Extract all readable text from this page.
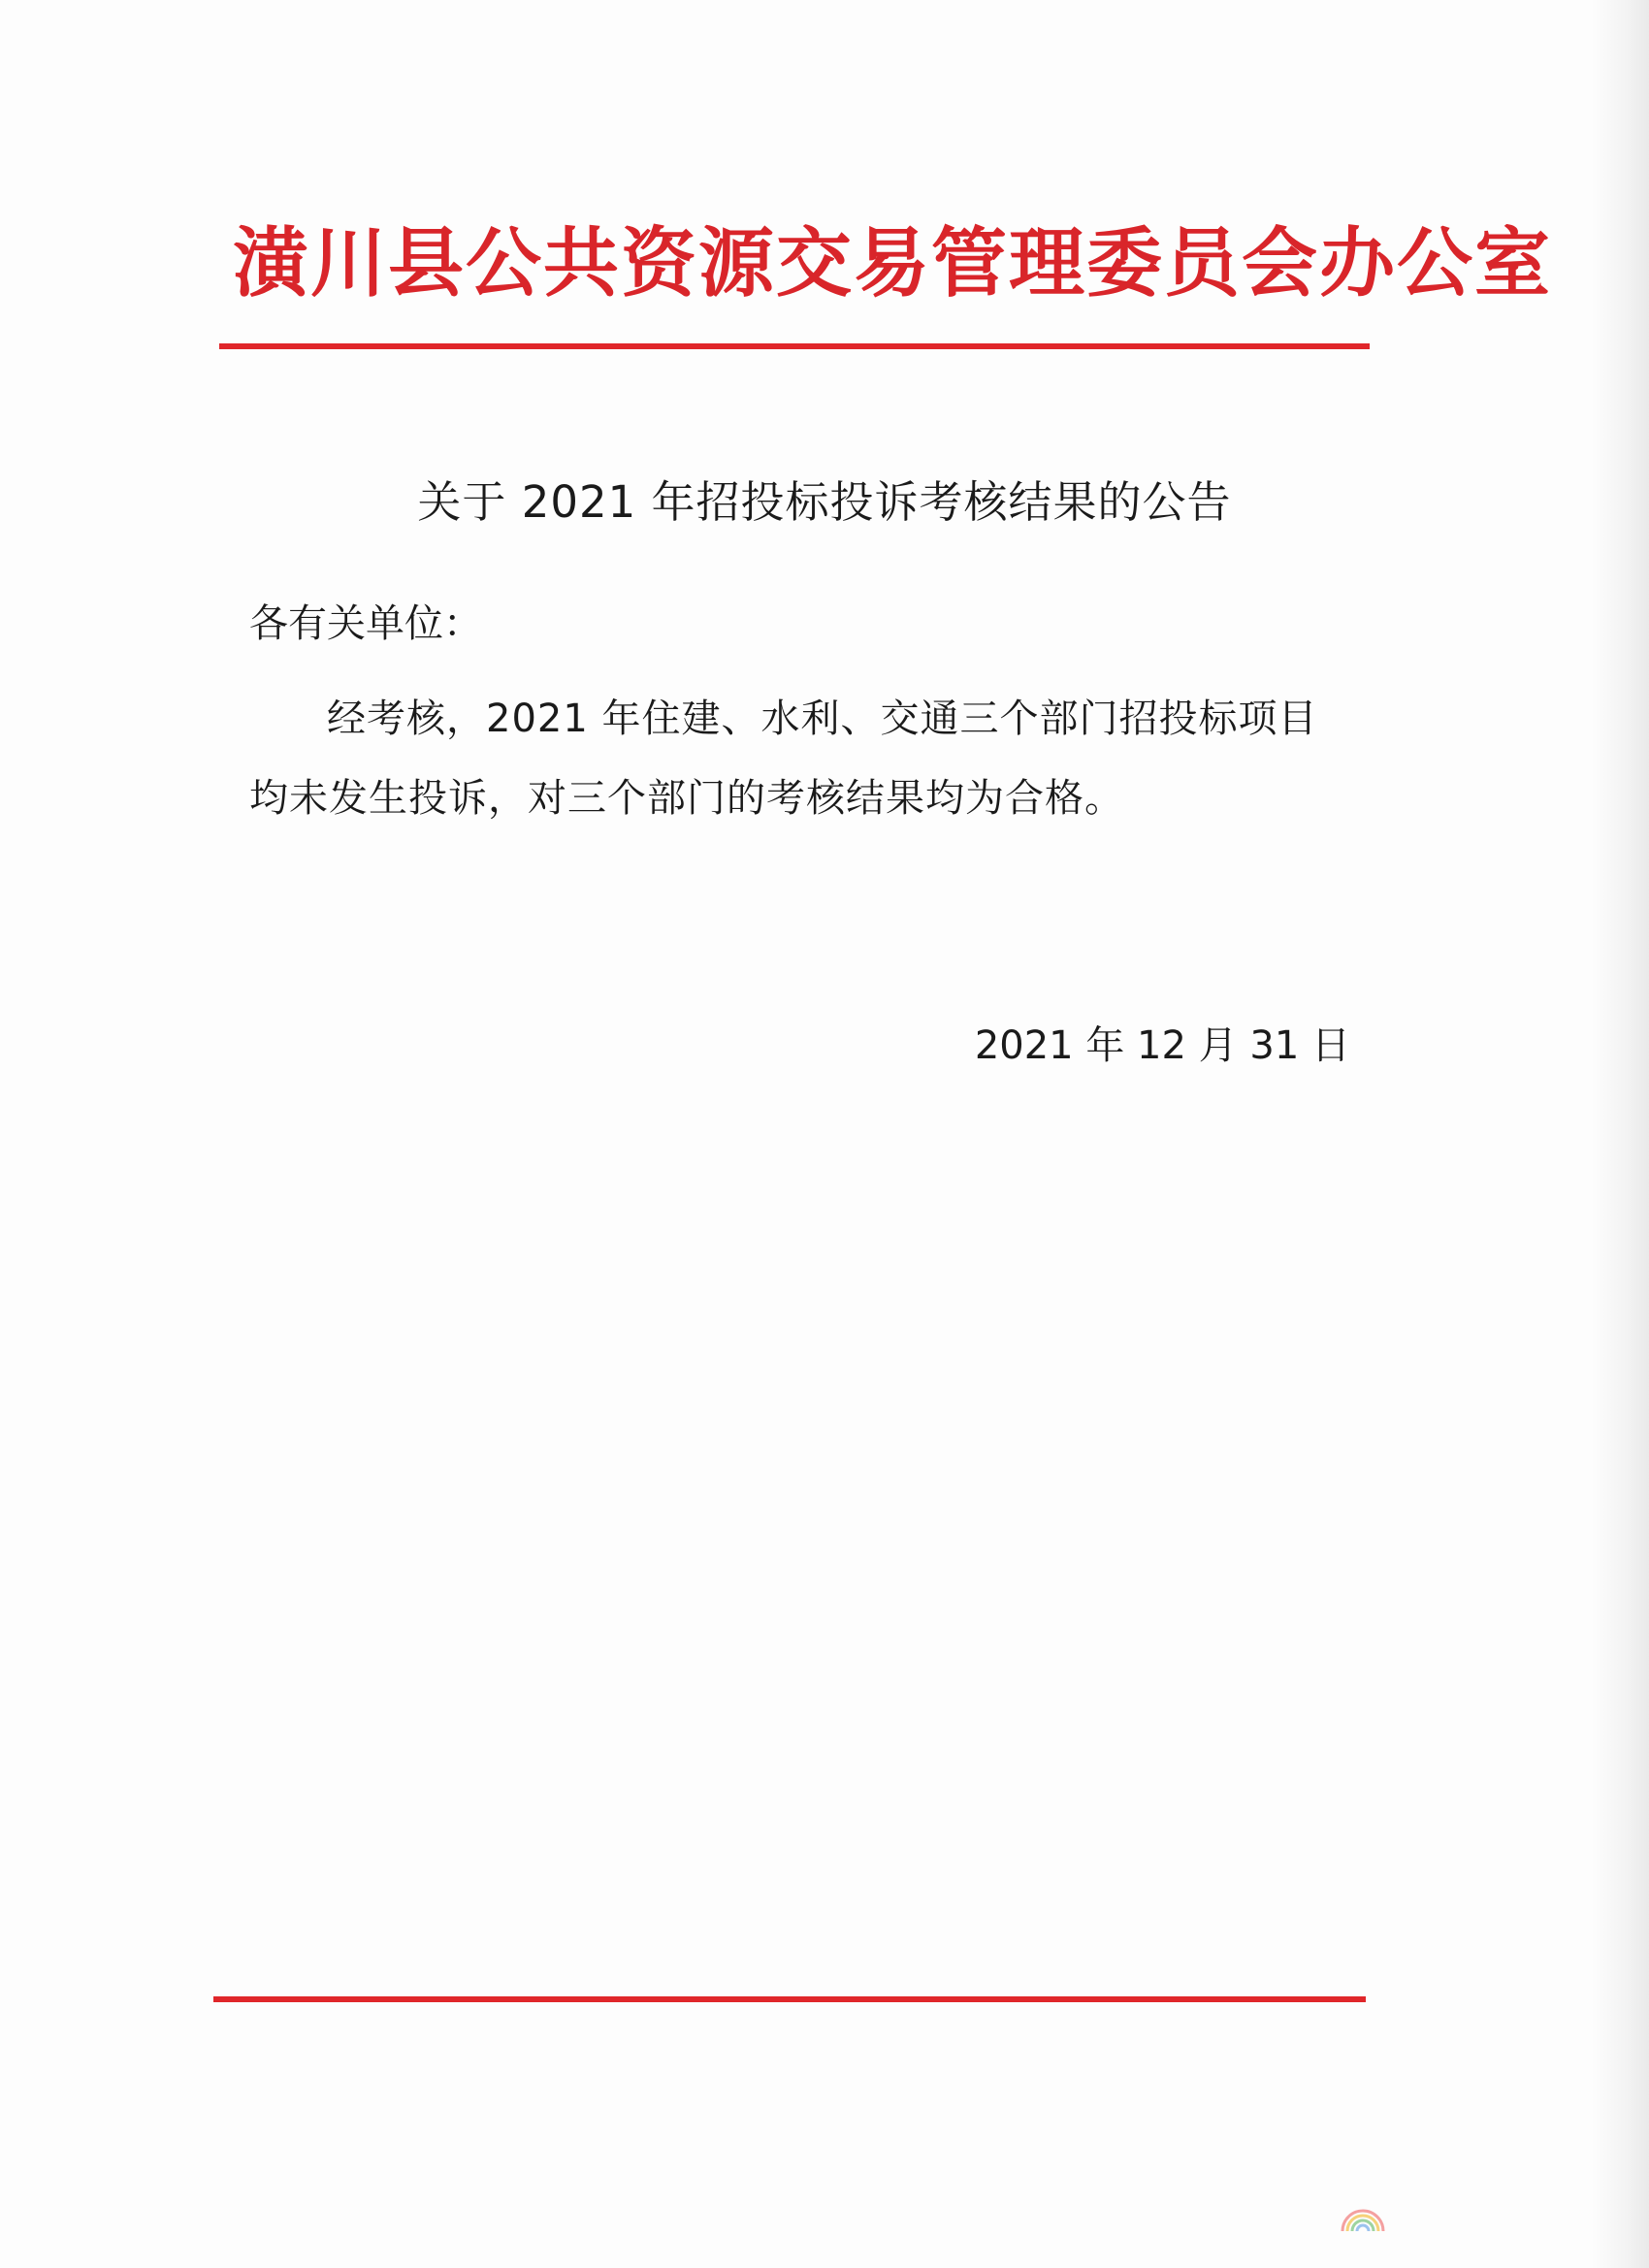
潢川县公共资源交易管理委员会办公室
关于 2021 年招投标投诉考核结果的公告
各有关单位：
经考核，2021 年住建、水利、交通三个部门招投标项目均未发生投诉，对三个部门的考核结果均为合格。
2021 年 12 月 31 日
